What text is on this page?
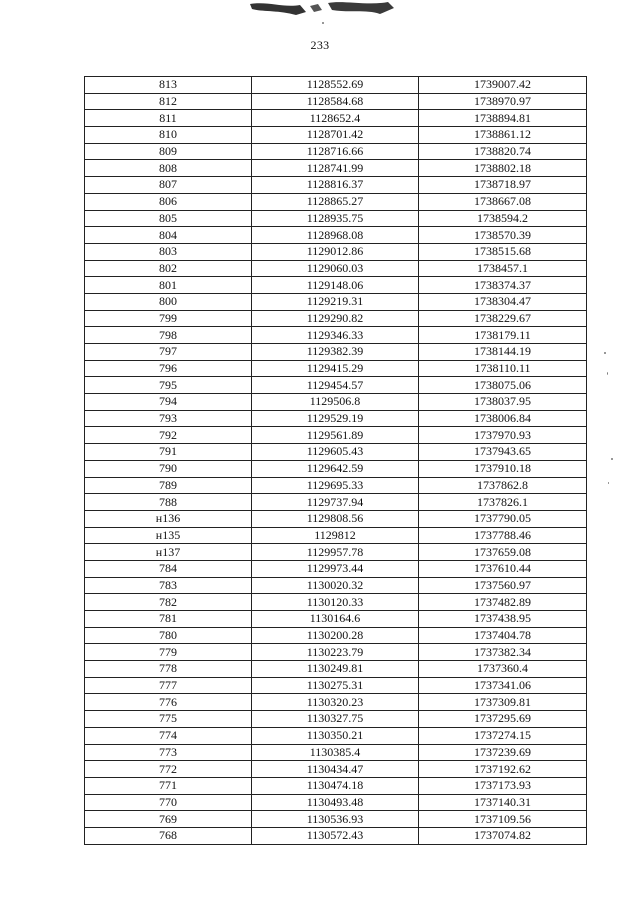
233
813	1128552.69	1739007.42
812	1128584.68	1738970.97
811	1128652.4	1738894.81
810	1128701.42	1738861.12
809	1128716.66	1738820.74
808	1128741.99	1738802.18
807	1128816.37	1738718.97
806	1128865.27	1738667.08
805	1128935.75	1738594.2
804	1128968.08	1738570.39
803	1129012.86	1738515.68
802	1129060.03	1738457.1
801	1129148.06	1738374.37
800	1129219.31	1738304.47
799	1129290.82	1738229.67
798	1129346.33	1738179.11
797	1129382.39	1738144.19
796	1129415.29	1738110.11
795	1129454.57	1738075.06
794	1129506.8	1738037.95
793	1129529.19	1738006.84
792	1129561.89	1737970.93
791	1129605.43	1737943.65
790	1129642.59	1737910.18
789	1129695.33	1737862.8
788	1129737.94	1737826.1
н136	1129808.56	1737790.05
н135	1129812	1737788.46
н137	1129957.78	1737659.08
784	1129973.44	1737610.44
783	1130020.32	1737560.97
782	1130120.33	1737482.89
781	1130164.6	1737438.95
780	1130200.28	1737404.78
779	1130223.79	1737382.34
778	1130249.81	1737360.4
777	1130275.31	1737341.06
776	1130320.23	1737309.81
775	1130327.75	1737295.69
774	1130350.21	1737274.15
773	1130385.4	1737239.69
772	1130434.47	1737192.62
771	1130474.18	1737173.93
770	1130493.48	1737140.31
769	1130536.93	1737109.56
768	1130572.43	1737074.82
